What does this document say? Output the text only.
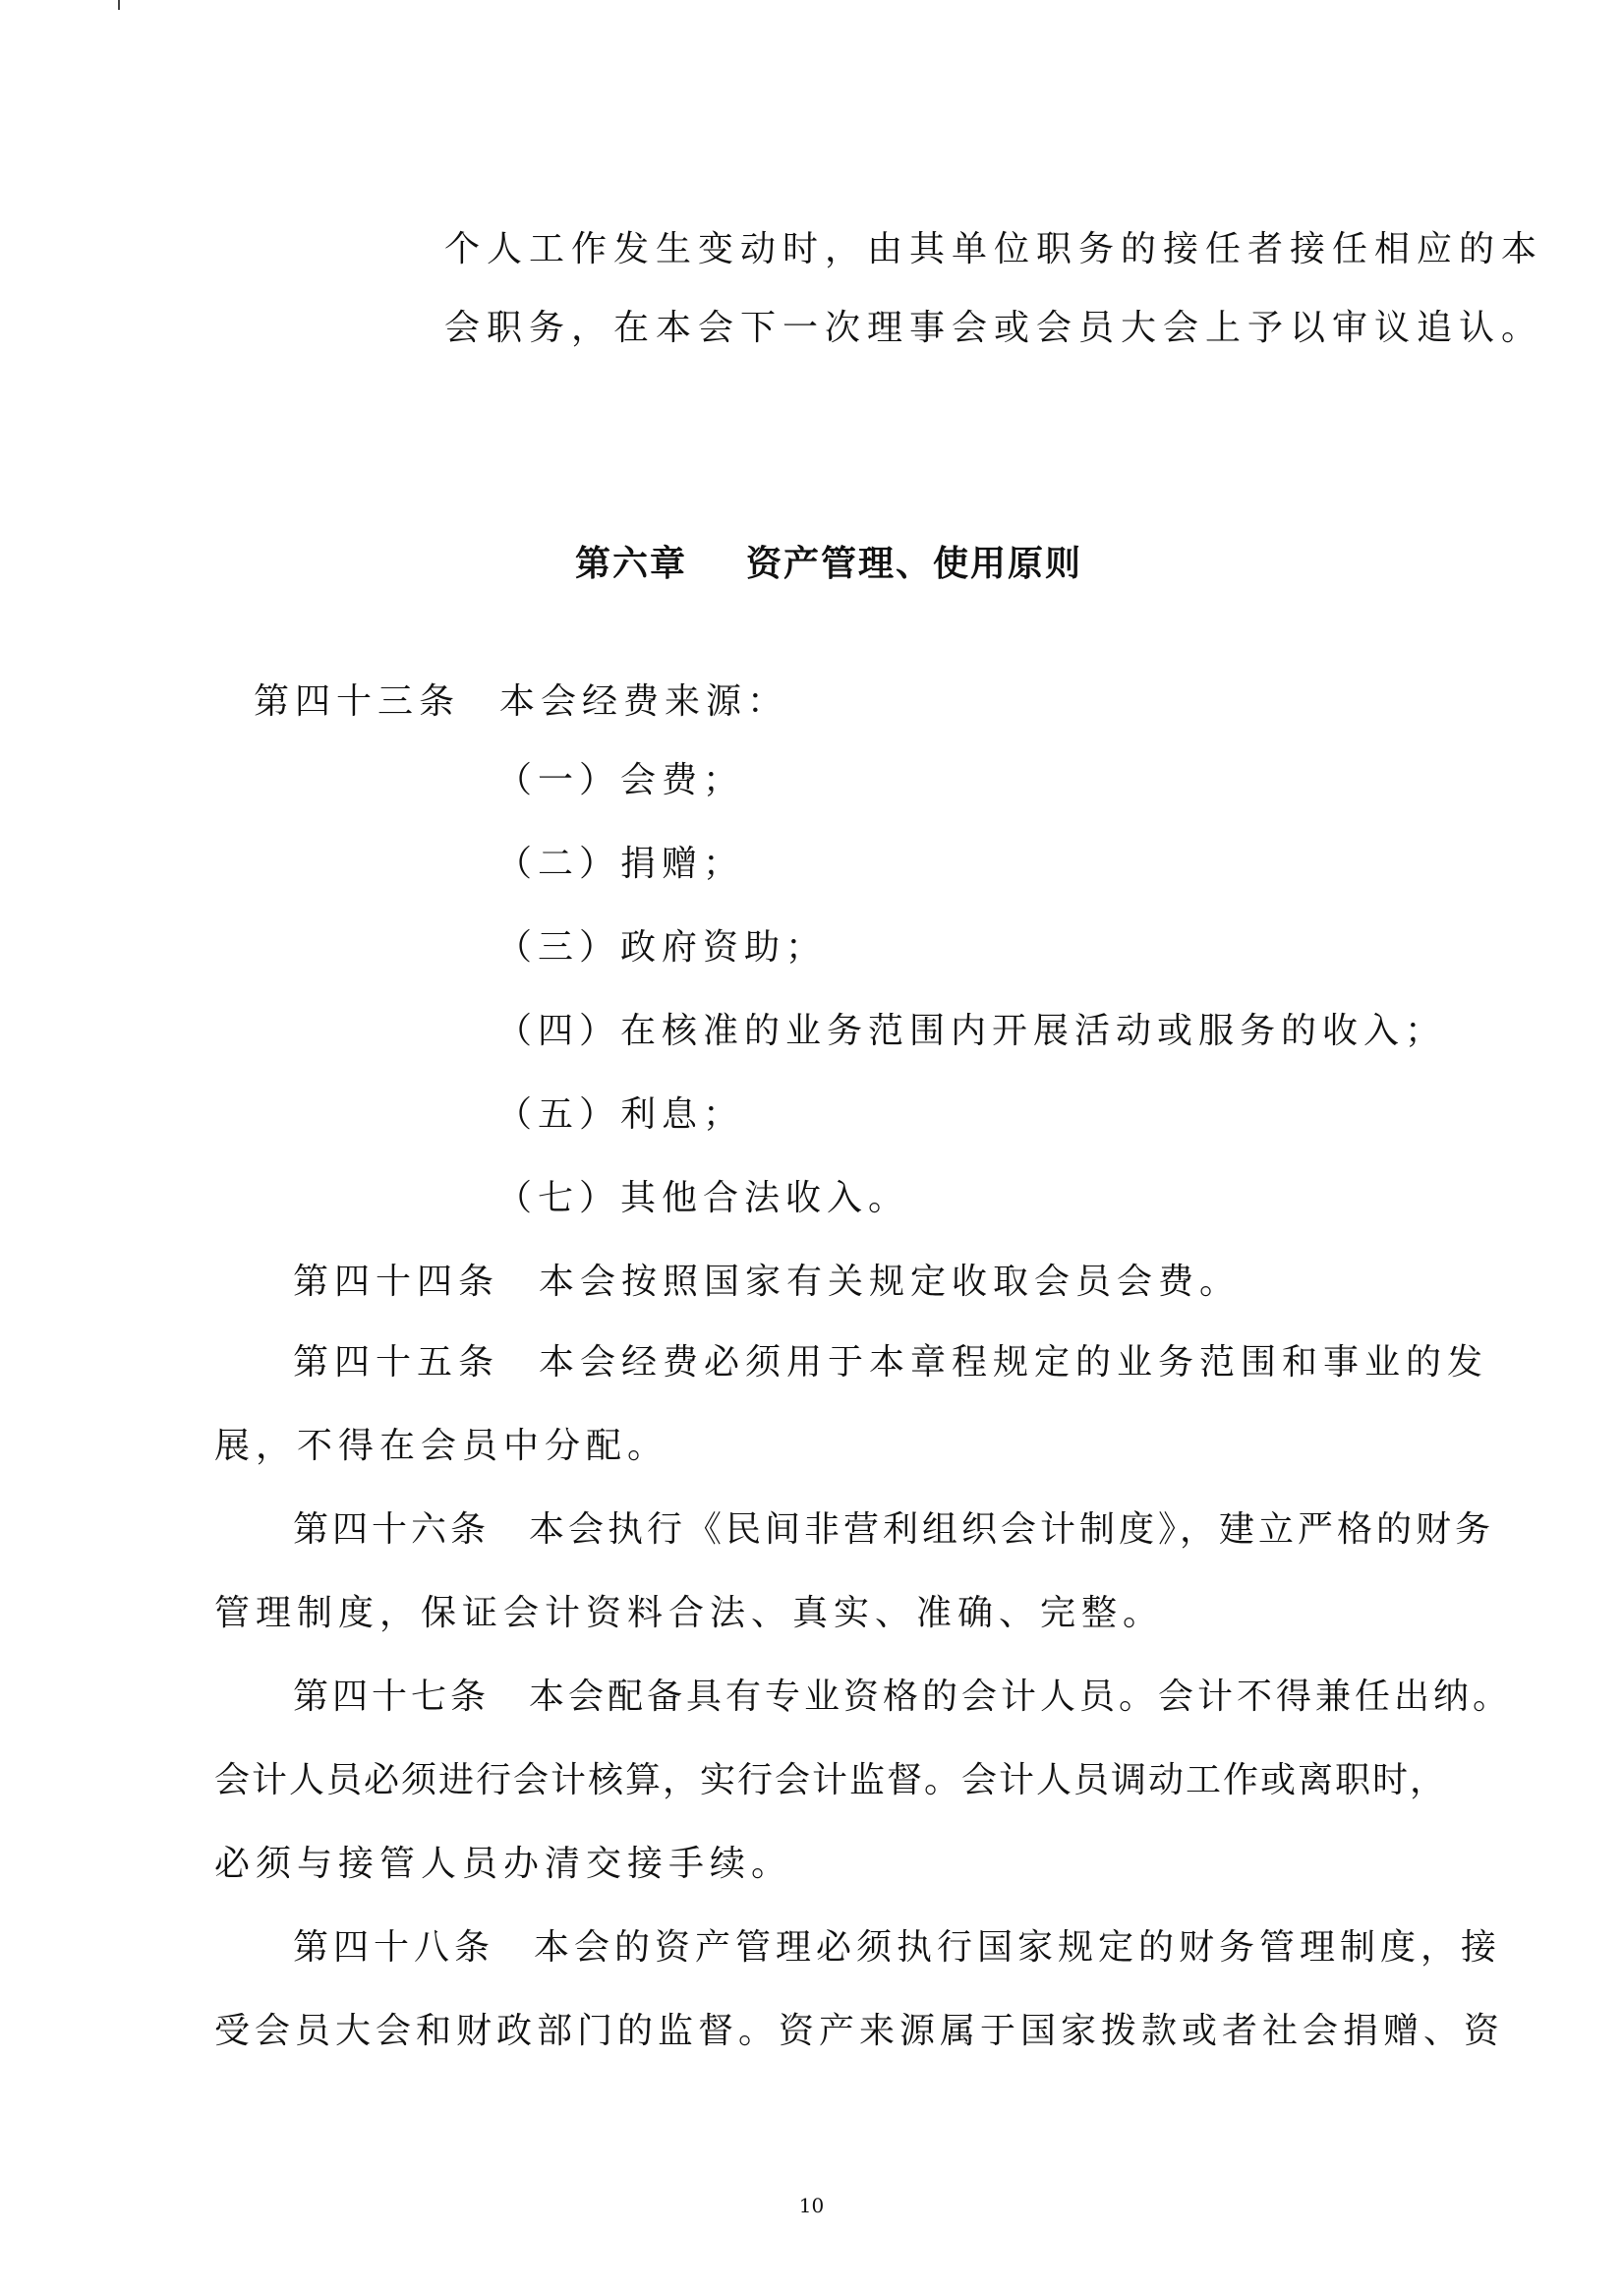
个人工作发生变动时，由其单位职务的接任者接任相应的本
会职务，在本会下一次理事会或会员大会上予以审议追认。
第六章 资产管理、使用原则
第四十三条 本会经费来源：
（一）会费；
（二）捐赠；
（三）政府资助；
（四）在核准的业务范围内开展活动或服务的收入；
（五）利息；
（七）其他合法收入。
第四十四条 本会按照国家有关规定收取会员会费。
第四十五条 本会经费必须用于本章程规定的业务范围和事业的发
展，不得在会员中分配。
第四十六条 本会执行《民间非营利组织会计制度》，建立严格的财务
管理制度，保证会计资料合法、真实、准确、完整。
第四十七条 本会配备具有专业资格的会计人员。会计不得兼任出纳。
会计人员必须进行会计核算，实行会计监督。会计人员调动工作或离职时，
必须与接管人员办清交接手续。
第四十八条 本会的资产管理必须执行国家规定的财务管理制度，接
受会员大会和财政部门的监督。资产来源属于国家拨款或者社会捐赠、资
10
